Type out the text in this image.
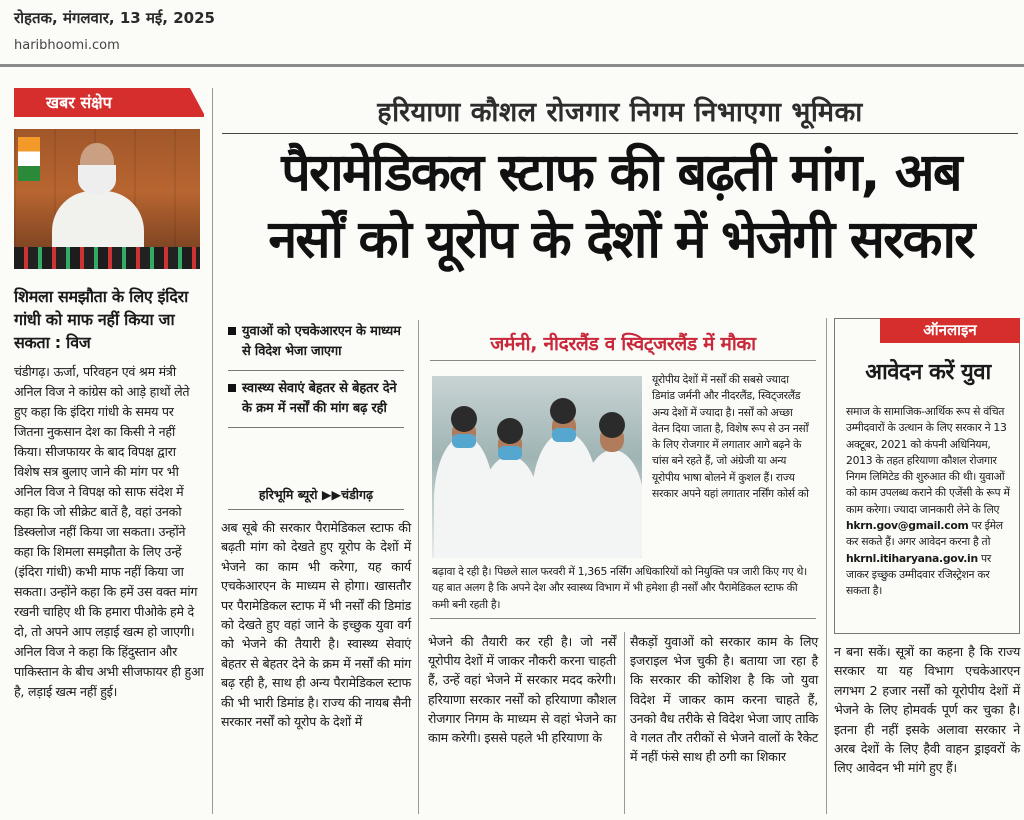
रोहतक, मंगलवार, 13 मई, 2025
haribhoomi.com
खबर संक्षेप
शिमला समझौता के लिए इंदिरा गांधी को माफ नहीं किया जा सकता : विज
चंडीगढ़। ऊर्जा, परिवहन एवं श्रम मंत्री अनिल विज ने कांग्रेस को आड़े हाथों लेते हुए कहा कि इंदिरा गांधी के समय पर जितना नुकसान देश का किसी ने नहीं किया। सीजफायर के बाद विपक्ष द्वारा विशेष सत्र बुलाए जाने की मांग पर भी अनिल विज ने विपक्ष को साफ संदेश में कहा कि जो सीक्रेट बातें है, वहां उनको डिस्क्लोज नहीं किया जा सकता। उन्होंने कहा कि शिमला समझौता के लिए उन्हें (इंदिरा गांधी) कभी माफ नहीं किया जा सकता। उन्होंने कहा कि हमें उस वक्त मांग रखनी चाहिए थी कि हमारा पीओके हमे दे दो, तो अपने आप लड़ाई खत्म हो जाएगी। अनिल विज ने कहा कि हिंदुस्तान और पाकिस्तान के बीच अभी सीजफायर ही हुआ है, लड़ाई खत्म नहीं हुई।
हरियाणा कौशल रोजगार निगम निभाएगा भूमिका
पैरामेडिकल स्टाफ की बढ़ती मांग, अब
नर्सों को यूरोप के देशों में भेजेगी सरकार
युवाओं को एचकेआरएन के माध्यम से विदेश भेजा जाएगा
स्वास्थ्य सेवाएं बेहतर से बेहतर देने के क्रम में नर्सों की मांग बढ़ रही
हरिभूमि ब्यूरो ▶▶चंडीगढ़
अब सूबे की सरकार पैरामेडिकल स्टाफ की बढ़ती मांग को देखते हुए यूरोप के देशों में भेजने का काम भी करेगा, यह कार्य एचकेआरएन के माध्यम से होगा। खासतौर पर पैरामेडिकल स्टाफ में भी नर्सों की डिमांड को देखते हुए वहां जाने के इच्छुक युवा वर्ग को भेजने की तैयारी है। स्वास्थ्य सेवाएं बेहतर से बेहतर देने के क्रम में नर्सों की मांग बढ़ रही है, साथ ही अन्य पैरामेडिकल स्टाफ की भी भारी डिमांड है। राज्य की नायब सैनी सरकार नर्सों को यूरोप के देशों में
जर्मनी, नीदरलैंड व स्विट्जरलैंड में मौका
यूरोपीय देशों में नर्सों की सबसे ज्यादा डिमांड जर्मनी और नीदरलैंड, स्विट्जरलैंड अन्य देशों में ज्यादा है। नर्सों को अच्छा वेतन दिया जाता है, विशेष रूप से उन नर्सों के लिए रोजगार में लगातार आगे बढ़ने के चांस बने रहते हैं, जो अंग्रेजी या अन्य यूरोपीय भाषा बोलने में कुशल हैं। राज्य सरकार अपने यहां लगातार नर्सिंग कोर्स को
बढ़ावा दे रही है। पिछले साल फरवरी में 1,365 नर्सिंग अधिकारियों को नियुक्ति पत्र जारी किए गए थे। यह बात अलग है कि अपने देश और स्वास्थ्य विभाग में भी हमेशा ही नर्सों और पैरामेडिकल स्टाफ की कमी बनी रहती है।
भेजने की तैयारी कर रही है। जो नर्सें यूरोपीय देशों में जाकर नौकरी करना चाहती हैं, उन्हें वहां भेजने में सरकार मदद करेगी। हरियाणा सरकार नर्सों को हरियाणा कौशल रोजगार निगम के माध्यम से वहां भेजने का काम करेगी। इससे पहले भी हरियाणा के
सैकड़ों युवाओं को सरकार काम के लिए इजराइल भेज चुकी है। बताया जा रहा है कि सरकार की कोशिश है कि जो युवा विदेश में जाकर काम करना चाहते हैं, उनको वैध तरीके से विदेश भेजा जाए ताकि वे गलत तौर तरीकों से भेजने वालों के रैकेट में नहीं फंसे साथ ही ठगी का शिकार
ऑनलाइन
आवेदन करें युवा
समाज के सामाजिक-आर्थिक रूप से वंचित उम्मीदवारों के उत्थान के लिए सरकार ने 13 अक्टूबर, 2021 को कंपनी अधिनियम, 2013 के तहत हरियाणा कौशल रोजगार निगम लिमिटेड की शुरुआत की थी। युवाओं को काम उपलब्ध कराने की एजेंसी के रूप में काम करेगा। ज्यादा जानकारी लेने के लिए hkrn.gov@gmail.com पर ईमेल कर सकते हैं। अगर आवेदन करना है तो hkrnl.itiharyana.gov.in पर जाकर इच्छुक उम्मीदवार रजिस्ट्रेशन कर सकता है।
न बना सकें। सूत्रों का कहना है कि राज्य सरकार या यह विभाग एचकेआरएन लगभग 2 हजार नर्सों को यूरोपीय देशों में भेजने के लिए होमवर्क पूर्ण कर चुका है। इतना ही नहीं इसके अलावा सरकार ने अरब देशों के लिए हैवी वाहन ड्राइवरों के लिए आवेदन भी मांगे हुए हैं।
